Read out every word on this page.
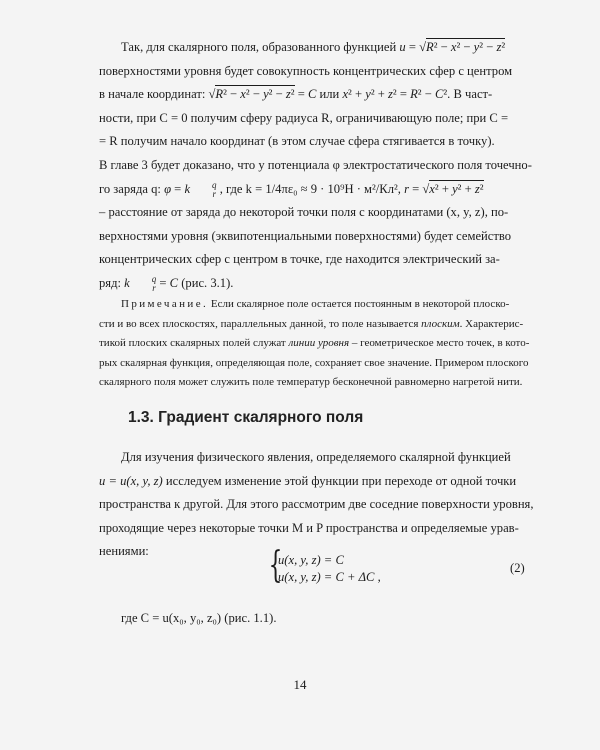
Так, для скалярного поля, образованного функцией u = √R² − x² − y² − z²
поверхностями уровня будет совокупность концентрических сфер с центром
в начале координат: √R² − x² − y² − z² = C или x² + y² + z² = R² − C². В част-
ности, при C = 0 получим сферу радиуса R, ограничивающую поле; при C =
= R получим начало координат (в этом случае сфера стягивается в точку).
В главе 3 будет доказано, что у потенциала φ электростатического поля точечно-
го заряда q: φ = k	q
r , где k = 1/4πε₀ ≈ 9 · 10⁹Н · м²/Кл², r = √x² + y² + z²
– расстояние от заряда до некоторой точки поля с координатами (x, y, z), по-
верхностями уровня (эквипотенциальными поверхностями) будет семейство
концентрических сфер с центром в точке, где находится электрический за-
ряд: k	q
r = C (рис. 3.1).

Примечание. Если скалярное поле остается постоянным в некоторой плоско-
сти и во всех плоскостях, параллельных данной, то поле называется плоским. Характерис-
тикой плоских скалярных полей служат линии уровня – геометрическое место точек, в кото-
рых скалярная функция, определяющая поле, сохраняет свое значение. Примером плоского
скалярного поля может служить поле температур бесконечной равномерно нагретой нити.

1.3. Градиент скалярного поля

Для изучения физического явления, определяемого скалярной функцией
u = u(x, y, z) исследуем изменение этой функции при переходе от одной точки
пространства к другой. Для этого рассмотрим две соседние поверхности уровня,
проходящие через некоторые точки M и P пространства и определяемые урав-
нениями:	{
u(x, y, z) = C
u(x, y, z) = C + ΔC ,
(2)

где C = u(x₀, y₀, z₀) (рис. 1.1).

14
